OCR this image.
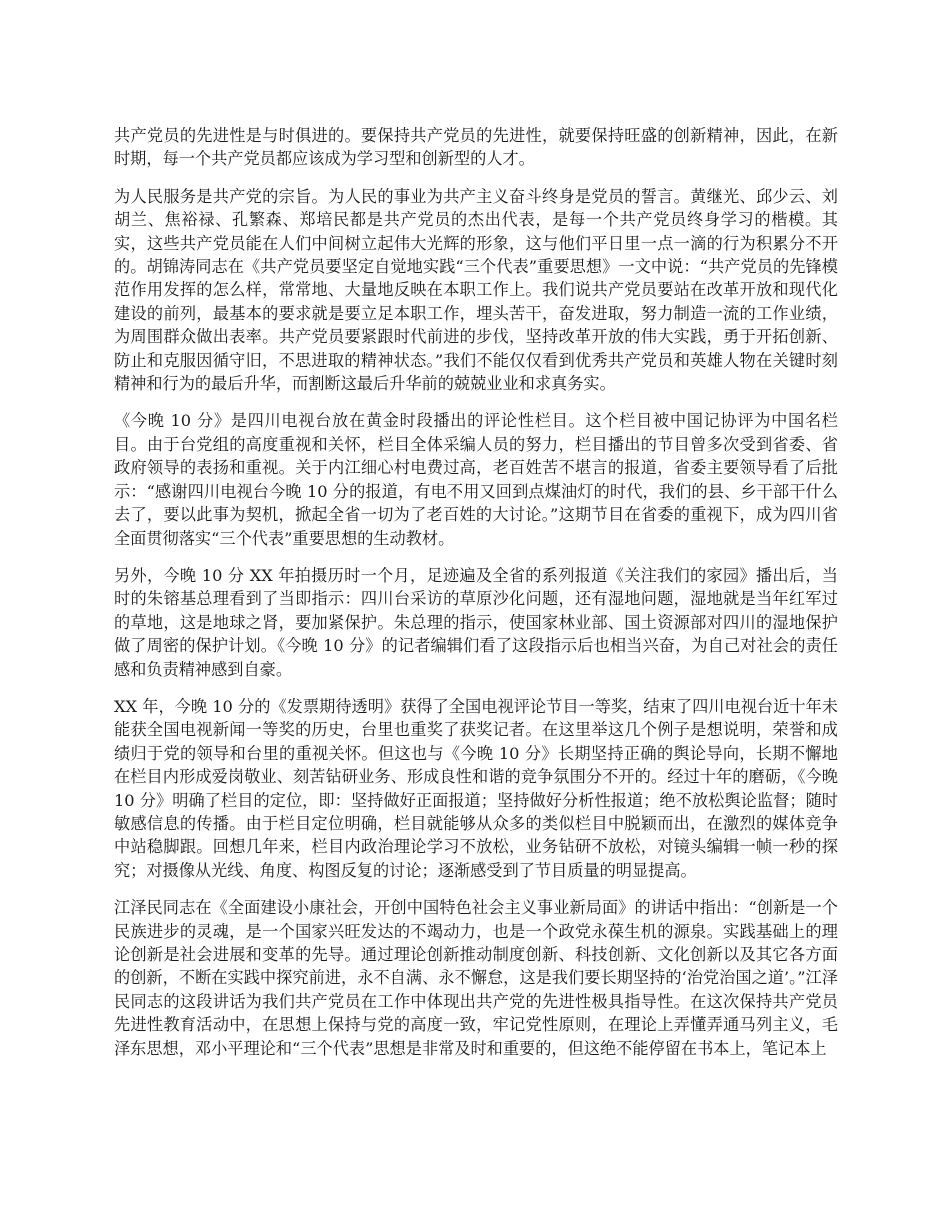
共产党员的先进性是与时俱进的。要保持共产党员的先进性，就要保持旺盛的创新精神，因此，在新时期，每一个共产党员都应该成为学习型和创新型的人才。

为人民服务是共产党的宗旨。为人民的事业为共产主义奋斗终身是党员的誓言。黄继光、邱少云、刘胡兰、焦裕禄、孔繁森、郑培民都是共产党员的杰出代表，是每一个共产党员终身学习的楷模。其实，这些共产党员能在人们中间树立起伟大光辉的形象，这与他们平日里一点一滴的行为积累分不开的。胡锦涛同志在《共产党员要坚定自觉地实践“三个代表”重要思想》一文中说：“共产党员的先锋模范作用发挥的怎么样，常常地、大量地反映在本职工作上。我们说共产党员要站在改革开放和现代化建设的前列，最基本的要求就是要立足本职工作，埋头苦干，奋发进取，努力制造一流的工作业绩，为周围群众做出表率。共产党员要紧跟时代前进的步伐，坚持改革开放的伟大实践，勇于开拓创新、防止和克服因循守旧，不思进取的精神状态。”我们不能仅仅看到优秀共产党员和英雄人物在关键时刻精神和行为的最后升华，而割断这最后升华前的兢兢业业和求真务实。

《今晚 10 分》是四川电视台放在黄金时段播出的评论性栏目。这个栏目被中国记协评为中国名栏目。由于台党组的高度重视和关怀，栏目全体采编人员的努力，栏目播出的节目曾多次受到省委、省政府领导的表扬和重视。关于内江细心村电费过高，老百姓苦不堪言的报道，省委主要领导看了后批示：“感谢四川电视台今晚 10 分的报道，有电不用又回到点煤油灯的时代，我们的县、乡干部干什么去了，要以此事为契机，掀起全省一切为了老百姓的大讨论。”这期节目在省委的重视下，成为四川省全面贯彻落实“三个代表”重要思想的生动教材。

另外，今晚 10 分 XX 年拍摄历时一个月，足迹遍及全省的系列报道《关注我们的家园》播出后，当时的朱镕基总理看到了当即指示：四川台采访的草原沙化问题，还有湿地问题，湿地就是当年红军过的草地，这是地球之肾，要加紧保护。朱总理的指示，使国家林业部、国土资源部对四川的湿地保护做了周密的保护计划。《今晚 10 分》的记者编辑们看了这段指示后也相当兴奋，为自己对社会的责任感和负责精神感到自豪。

XX 年，今晚 10 分的《发票期待透明》获得了全国电视评论节目一等奖，结束了四川电视台近十年未能获全国电视新闻一等奖的历史，台里也重奖了获奖记者。在这里举这几个例子是想说明，荣誉和成绩归于党的领导和台里的重视关怀。但这也与《今晚 10 分》长期坚持正确的舆论导向，长期不懈地在栏目内形成爱岗敬业、刻苦钻研业务、形成良性和谐的竞争氛围分不开的。经过十年的磨砺，《今晚 10 分》明确了栏目的定位，即：坚持做好正面报道；坚持做好分析性报道；绝不放松舆论监督；随时敏感信息的传播。由于栏目定位明确，栏目就能够从众多的类似栏目中脱颖而出，在激烈的媒体竞争中站稳脚跟。回想几年来，栏目内政治理论学习不放松，业务钻研不放松，对镜头编辑一帧一秒的探究；对摄像从光线、角度、构图反复的讨论；逐渐感受到了节目质量的明显提高。

江泽民同志在《全面建设小康社会，开创中国特色社会主义事业新局面》的讲话中指出：“创新是一个民族进步的灵魂，是一个国家兴旺发达的不竭动力，也是一个政党永葆生机的源泉。实践基础上的理论创新是社会进展和变革的先导。通过理论创新推动制度创新、科技创新、文化创新以及其它各方面的创新，不断在实践中探究前进，永不自满、永不懈怠，这是我们要长期坚持的‘治党治国之道’。”江泽民同志的这段讲话为我们共产党员在工作中体现出共产党的先进性极具指导性。在这次保持共产党员先进性教育活动中，在思想上保持与党的高度一致，牢记党性原则，在理论上弄懂弄通马列主义，毛泽东思想，邓小平理论和“三个代表”思想是非常及时和重要的，但这绝不能停留在书本上，笔记本上
